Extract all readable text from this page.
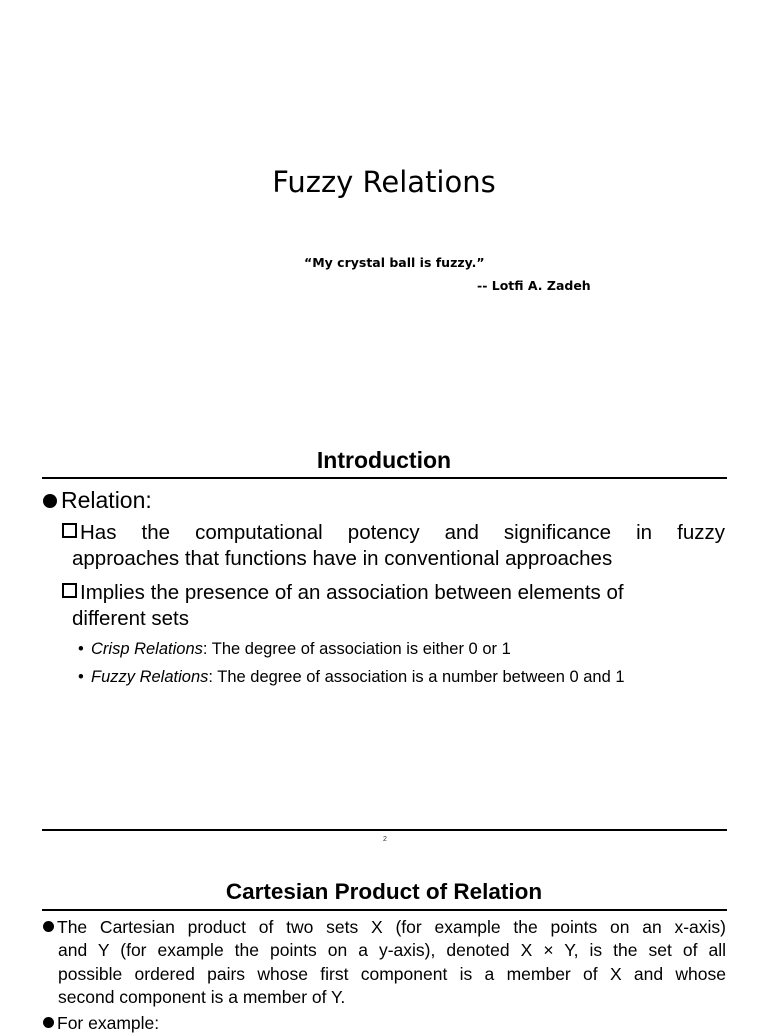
Fuzzy Relations
“My crystal ball is fuzzy.”
-- Lotfi A. Zadeh
Introduction
Relation:
Has the computational potency and significance in fuzzy
approaches that functions have in conventional approaches
Implies the presence of an association between elements of
different sets
• Crisp Relations: The degree of association is either 0 or 1
• Fuzzy Relations: The degree of association is a number between 0 and 1
2
Cartesian Product of Relation
The Cartesian product of two sets X (for example the points on an x-axis)
and Y (for example the points on a y-axis), denoted X × Y, is the set of all
possible ordered pairs whose first component is a member of X and whose
second component is a member of Y.
For example:
